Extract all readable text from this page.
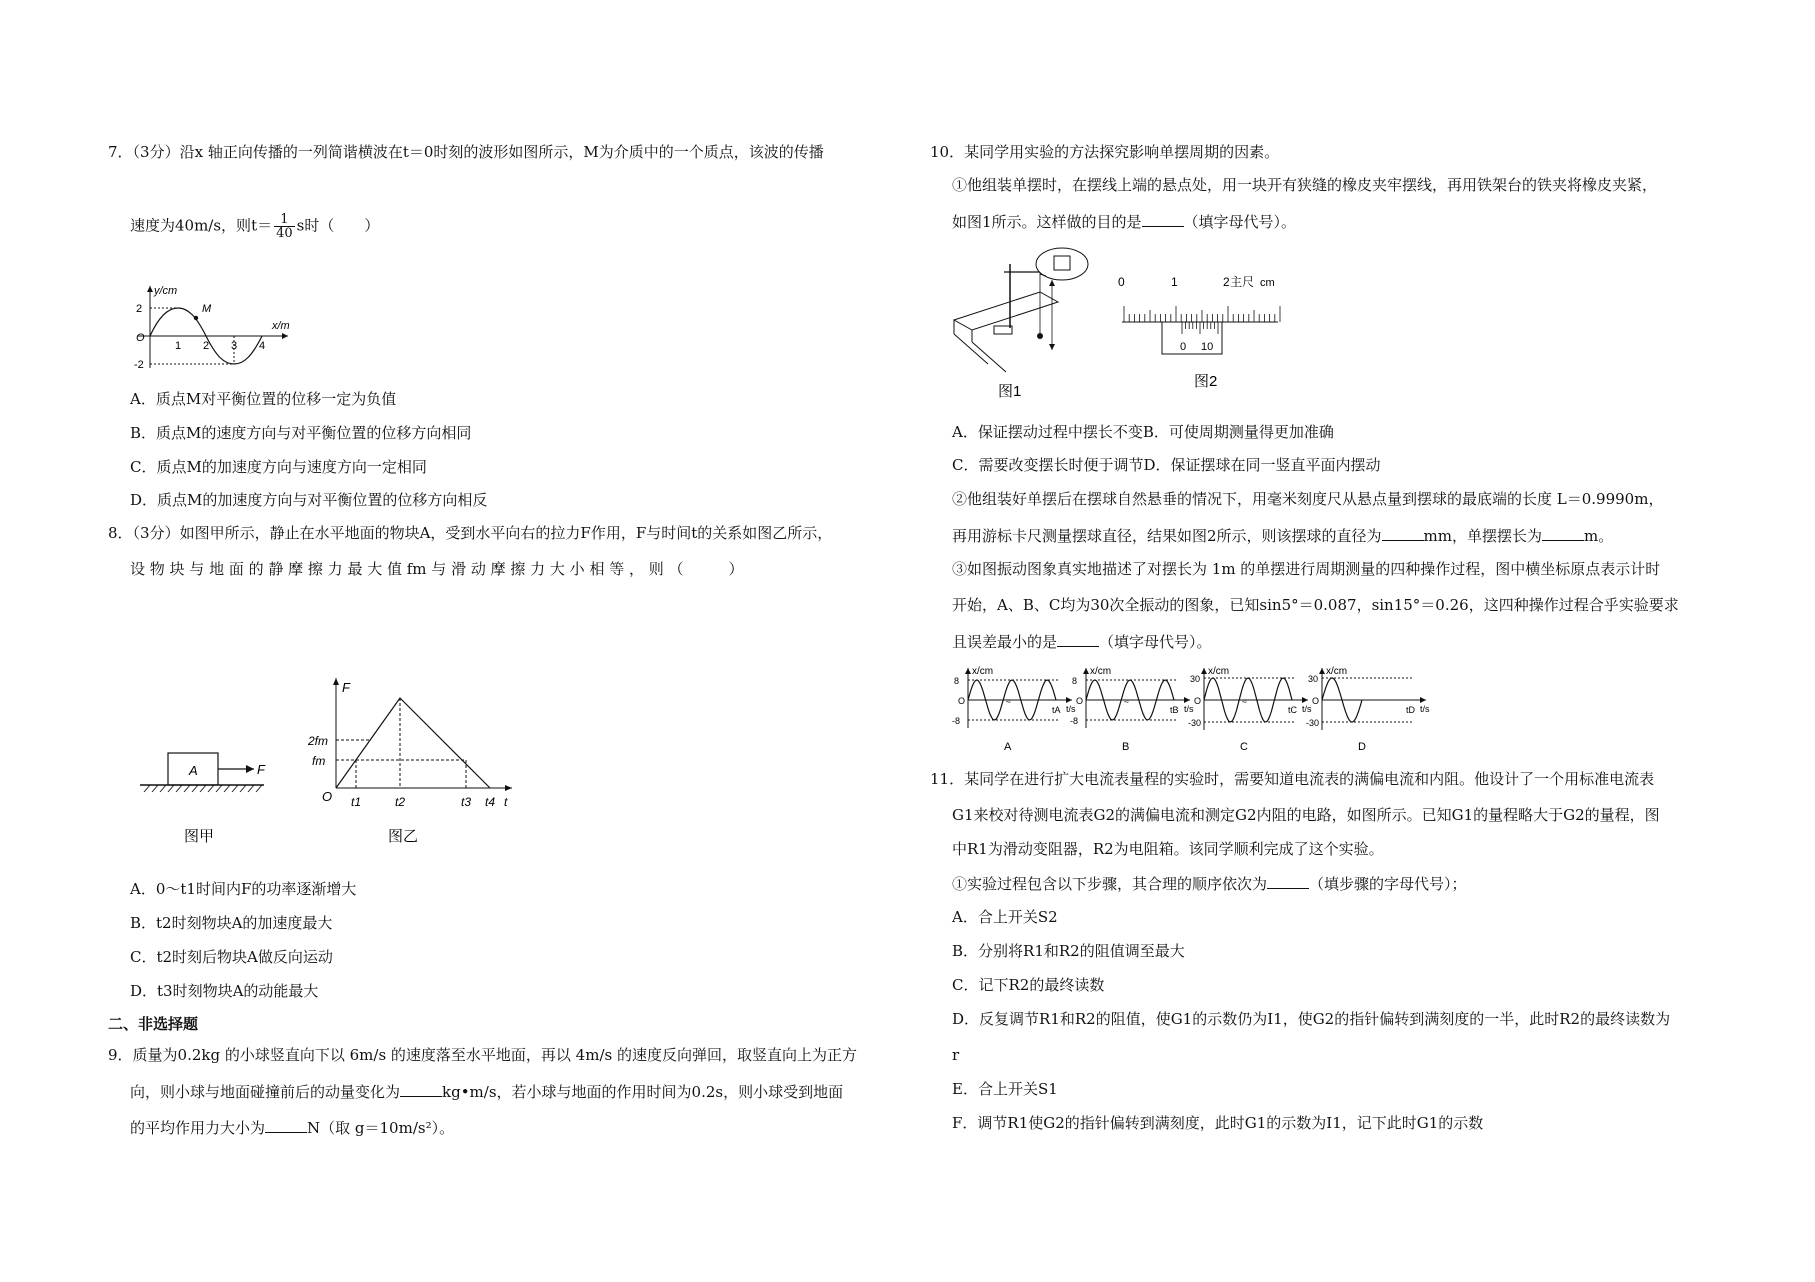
7．（3分）沿x 轴正向传播的一列简谐横波在t＝0时刻的波形如图所示，M为介质中的一个质点，该波的传播
速度为40m/s，则$t= \frac{1}{40}$ s时（　　）
y/cm
x/m
O
2
-2
1 2 3 4
M
A．质点M对平衡位置的位移一定为负值
B．质点M的速度方向与对平衡位置的位移方向相同
C．质点M的加速度方向与速度方向一定相同
D．质点M的加速度方向与对平衡位置的位移方向相反
8．（3分）如图甲所示，静止在水平地面的物块A，受到水平向右的拉力F作用，F与时间t的关系如图乙所示，
设 物 块 与 地 面 的 静 摩 擦 力 最 大 值 fm 与 滑 动 摩 擦 力 大 小 相 等 ， 则 （　　　）
A	F
图甲
F
2fm
fm
O t1	t2	t3 t4 t
图乙
A．0～t1时间内F的功率逐渐增大
B．t2时刻物块A的加速度最大
C．t2时刻后物块A做反向运动
D．t3时刻物块A的动能最大
二、非选择题
9．质量为0.2kg 的小球竖直向下以 6m/s 的速度落至水平地面，再以 4m/s 的速度反向弹回，取竖直向上为正方
向，则小球与地面碰撞前后的动量变化为	kg•m/s，若小球与地面的作用时间为0.2s，则小球受到地面
的平均作用力大小为	N（取 g＝10m/s²）。
10．某同学用实验的方法探究影响单摆周期的因素。
①他组装单摆时，在摆线上端的悬点处，用一块开有狭缝的橡皮夹牢摆线，再用铁架台的铁夹将橡皮夹紧，
如图1所示。这样做的目的是	（填字母代号）。
图1
0	1	2 主尺 cm
0 10
图2
A．保证摆动过程中摆长不变B．可使周期测量得更加准确
C．需要改变摆长时便于调节D．保证摆球在同一竖直平面内摆动
②他组装好单摆后在摆球自然悬垂的情况下，用毫米刻度尺从悬点量到摆球的最底端的长度 L＝0.9990m，
再用游标卡尺测量摆球直径，结果如图2所示，则该摆球的直径为	mm，单摆摆长为	m。
③如图振动图象真实地描述了对摆长为 1m 的单摆进行周期测量的四种操作过程，图中横坐标原点表示计时
开始，A、B、C均为30次全振动的图象，已知sin5°＝0.087，sin15°＝0.26，这四种操作过程合乎实验要求
且误差最小的是	（填字母代号）。
≈
x/cm
8
-8
O
tA t/s
A
≈
x/cm
8
-8
O
tB t/s
B
≈
x/cm
30
-30
O
tC t/s
C
x/cm
30
-30
O
tD t/s
D
11．某同学在进行扩大电流表量程的实验时，需要知道电流表的满偏电流和内阻。他设计了一个用标准电流表
G1来校对待测电流表G2的满偏电流和测定G2内阻的电路，如图所示。已知G1的量程略大于G2的量程，图
中R1为滑动变阻器，R2为电阻箱。该同学顺利完成了这个实验。
①实验过程包含以下步骤，其合理的顺序依次为	（填步骤的字母代号）；
A．合上开关S2
B．分别将R1和R2的阻值调至最大
C．记下R2的最终读数
D．反复调节R1和R2的阻值，使G1的示数仍为I1，使G2的指针偏转到满刻度的一半，此时R2的最终读数为
r
E．合上开关S1
F．调节R1使G2的指针偏转到满刻度，此时G1的示数为I1，记下此时G1的示数
